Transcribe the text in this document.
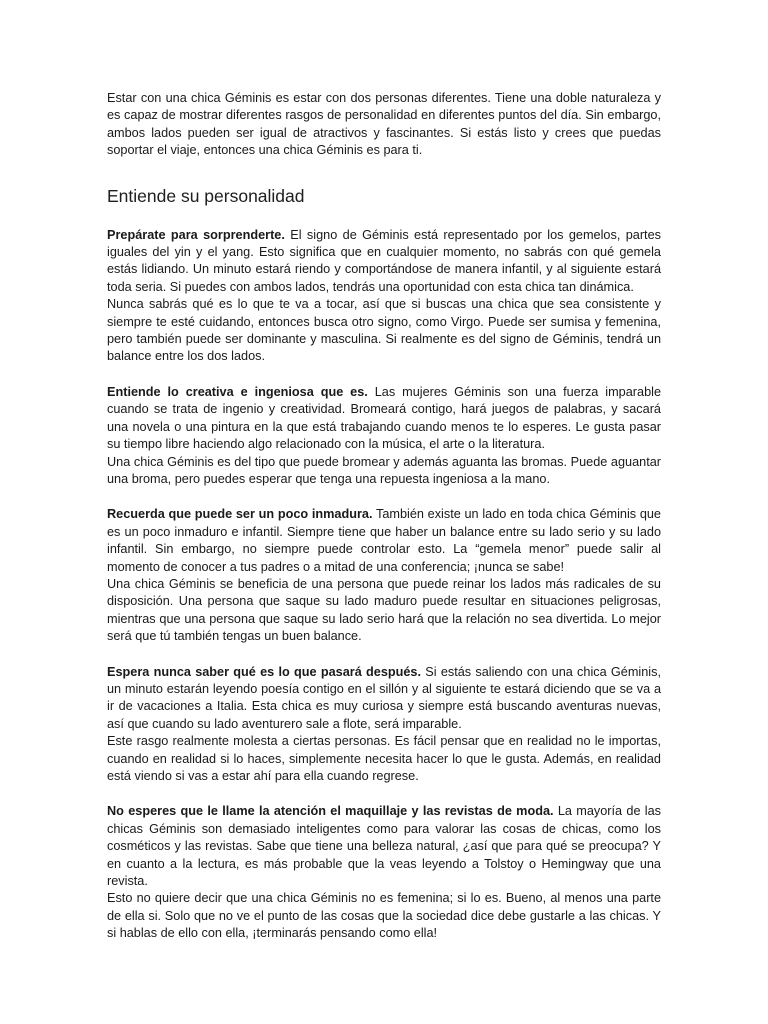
Estar con una chica Géminis es estar con dos personas diferentes. Tiene una doble naturaleza y es capaz de mostrar diferentes rasgos de personalidad en diferentes puntos del día. Sin embargo, ambos lados pueden ser igual de atractivos y fascinantes. Si estás listo y crees que puedas soportar el viaje, entonces una chica Géminis es para ti.

Entiende su personalidad

Prepárate para sorprenderte. El signo de Géminis está representado por los gemelos, partes iguales del yin y el yang. Esto significa que en cualquier momento, no sabrás con qué gemela estás lidiando. Un minuto estará riendo y comportándose de manera infantil, y al siguiente estará toda seria. Si puedes con ambos lados, tendrás una oportunidad con esta chica tan dinámica.

Nunca sabrás qué es lo que te va a tocar, así que si buscas una chica que sea consistente y siempre te esté cuidando, entonces busca otro signo, como Virgo. Puede ser sumisa y femenina, pero también puede ser dominante y masculina. Si realmente es del signo de Géminis, tendrá un balance entre los dos lados.

Entiende lo creativa e ingeniosa que es. Las mujeres Géminis son una fuerza imparable cuando se trata de ingenio y creatividad. Bromeará contigo, hará juegos de palabras, y sacará una novela o una pintura en la que está trabajando cuando menos te lo esperes. Le gusta pasar su tiempo libre haciendo algo relacionado con la música, el arte o la literatura.

Una chica Géminis es del tipo que puede bromear y además aguanta las bromas. Puede aguantar una broma, pero puedes esperar que tenga una repuesta ingeniosa a la mano.

Recuerda que puede ser un poco inmadura. También existe un lado en toda chica Géminis que es un poco inmaduro e infantil. Siempre tiene que haber un balance entre su lado serio y su lado infantil. Sin embargo, no siempre puede controlar esto. La “gemela menor” puede salir al momento de conocer a tus padres o a mitad de una conferencia; ¡nunca se sabe!

Una chica Géminis se beneficia de una persona que puede reinar los lados más radicales de su disposición. Una persona que saque su lado maduro puede resultar en situaciones peligrosas, mientras que una persona que saque su lado serio hará que la relación no sea divertida. Lo mejor será que tú también tengas un buen balance.

Espera nunca saber qué es lo que pasará después. Si estás saliendo con una chica Géminis, un minuto estarán leyendo poesía contigo en el sillón y al siguiente te estará diciendo que se va a ir de vacaciones a Italia. Esta chica es muy curiosa y siempre está buscando aventuras nuevas, así que cuando su lado aventurero sale a flote, será imparable.

Este rasgo realmente molesta a ciertas personas. Es fácil pensar que en realidad no le importas, cuando en realidad si lo haces, simplemente necesita hacer lo que le gusta. Además, en realidad está viendo si vas a estar ahí para ella cuando regrese.

No esperes que le llame la atención el maquillaje y las revistas de moda. La mayoría de las chicas Géminis son demasiado inteligentes como para valorar las cosas de chicas, como los cosméticos y las revistas. Sabe que tiene una belleza natural, ¿así que para qué se preocupa? Y en cuanto a la lectura, es más probable que la veas leyendo a Tolstoy o Hemingway que una revista.

Esto no quiere decir que una chica Géminis no es femenina; si lo es. Bueno, al menos una parte de ella si. Solo que no ve el punto de las cosas que la sociedad dice debe gustarle a las chicas. Y si hablas de ello con ella, ¡terminarás pensando como ella!
